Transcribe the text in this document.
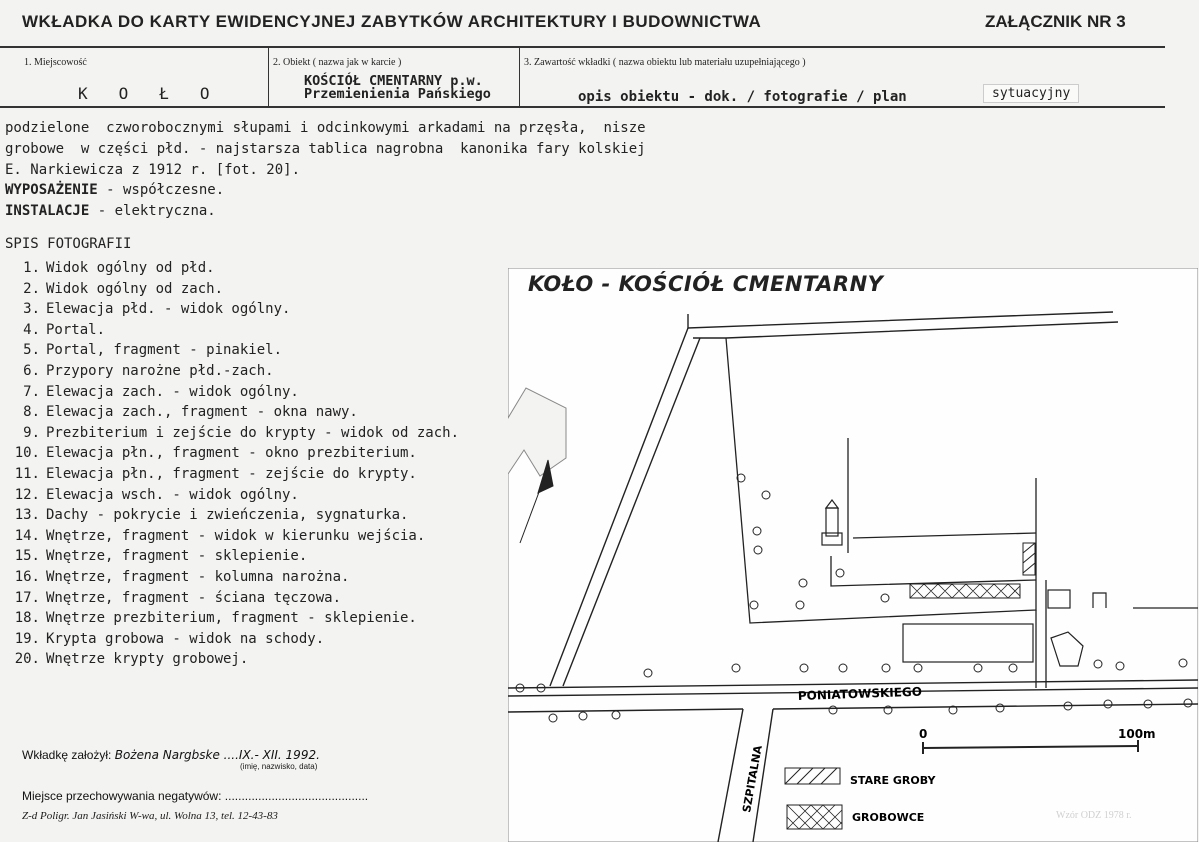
WKŁADKA DO KARTY EWIDENCYJNEJ ZABYTKÓW ARCHITEKTURY I BUDOWNICTWA	ZAŁĄCZNIK NR 3
1. Miejscowość
KOŁO
2. Obiekt ( nazwa jak w karcie )
KOŚCIÓŁ CMENTARNY p.w.
Przemienienia Pańskiego
3. Zawartość wkładki ( nazwa obiektu lub materiału uzupełniającego )
opis obiektu - dok. / fotografie / plan	sytuacyjny
podzielone  czworobocznymi słupami i odcinkowymi arkadami na przęsła,  nisze
grobowe  w części płd. - najstarsza tablica nagrobna  kanonika fary kolskiej
E. Narkiewicza z 1912 r. [fot. 20].
WYPOSAŻENIE - współczesne.
INSTALACJE - elektryczna.
SPIS FOTOGRAFII
1. Widok ogólny od płd.
2. Widok ogólny od zach.
3. Elewacja płd. - widok ogólny.
4. Portal.
5. Portal, fragment - pinakiel.
6. Przypory narożne płd.-zach.
7. Elewacja zach. - widok ogólny.
8. Elewacja zach., fragment - okna nawy.
9. Prezbiterium i zejście do krypty - widok od zach.
10. Elewacja płn., fragment - okno prezbiterium.
11. Elewacja płn., fragment - zejście do krypty.
12. Elewacja wsch. - widok ogólny.
13. Dachy - pokrycie i zwieńczenia, sygnaturka.
14. Wnętrze, fragment - widok w kierunku wejścia.
15. Wnętrze, fragment - sklepienie.
16. Wnętrze, fragment - kolumna narożna.
17. Wnętrze, fragment - ściana tęczowa.
18. Wnętrze prezbiterium, fragment - sklepienie.
19. Krypta grobowa - widok na schody.
20. Wnętrze krypty grobowej.
PONIATOWSKIEGO
SZPITALNA
0	100m
STARE GROBY
GROBOWCE
KOŁO - KOŚCIÓŁ CMENTARNY
Wkładkę założył: Bożena Nargbske ....IX.- XII. 1992.
(imię, nazwisko, data)
Miejsce przechowywania negatywów: ...........................................
Z-d Poligr. Jan Jasiński W-wa, ul. Wolna 13, tel. 12-43-83	Wzór ODZ 1978 r.
